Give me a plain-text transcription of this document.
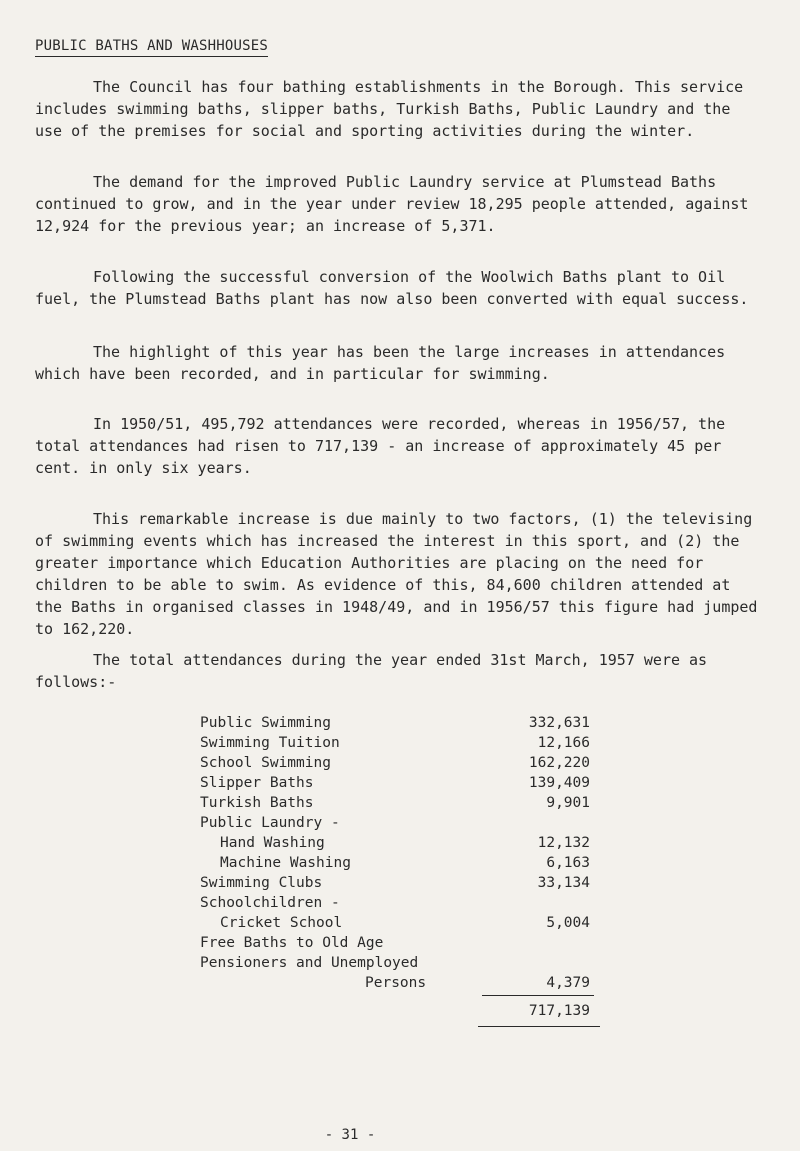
PUBLIC BATHS AND WASHHOUSES

The Council has four bathing establishments in the Borough. This service includes swimming baths, slipper baths, Turkish Baths, Public Laundry and the use of the premises for social and sporting activities during the winter.

The demand for the improved Public Laundry service at Plumstead Baths continued to grow, and in the year under review 18,295 people attended, against 12,924 for the previous year; an increase of 5,371.

Following the successful conversion of the Woolwich Baths plant to Oil fuel, the Plumstead Baths plant has now also been converted with equal success.

The highlight of this year has been the large increases in attendances which have been recorded, and in particular for swimming.

In 1950/51, 495,792 attendances were recorded, whereas in 1956/57, the total attendances had risen to 717,139 - an increase of approximately 45 per cent. in only six years.

This remarkable increase is due mainly to two factors, (1) the televising of swimming events which has increased the interest in this sport, and (2) the greater importance which Education Authorities are placing on the need for children to be able to swim. As evidence of this, 84,600 children attended at the Baths in organised classes in 1948/49, and in 1956/57 this figure had jumped to 162,220.

The total attendances during the year ended 31st March, 1957 were as follows:-

Public Swimming	332,631
Swimming Tuition	12,166
School Swimming	162,220
Slipper Baths	139,409
Turkish Baths	9,901
Public Laundry -
Hand Washing	12,132
Machine Washing	6,163
Swimming Clubs	33,134
Schoolchildren -
Cricket School	5,004
Free Baths to Old Age
Pensioners and Unemployed
Persons	4,379
717,139
- 31 -
